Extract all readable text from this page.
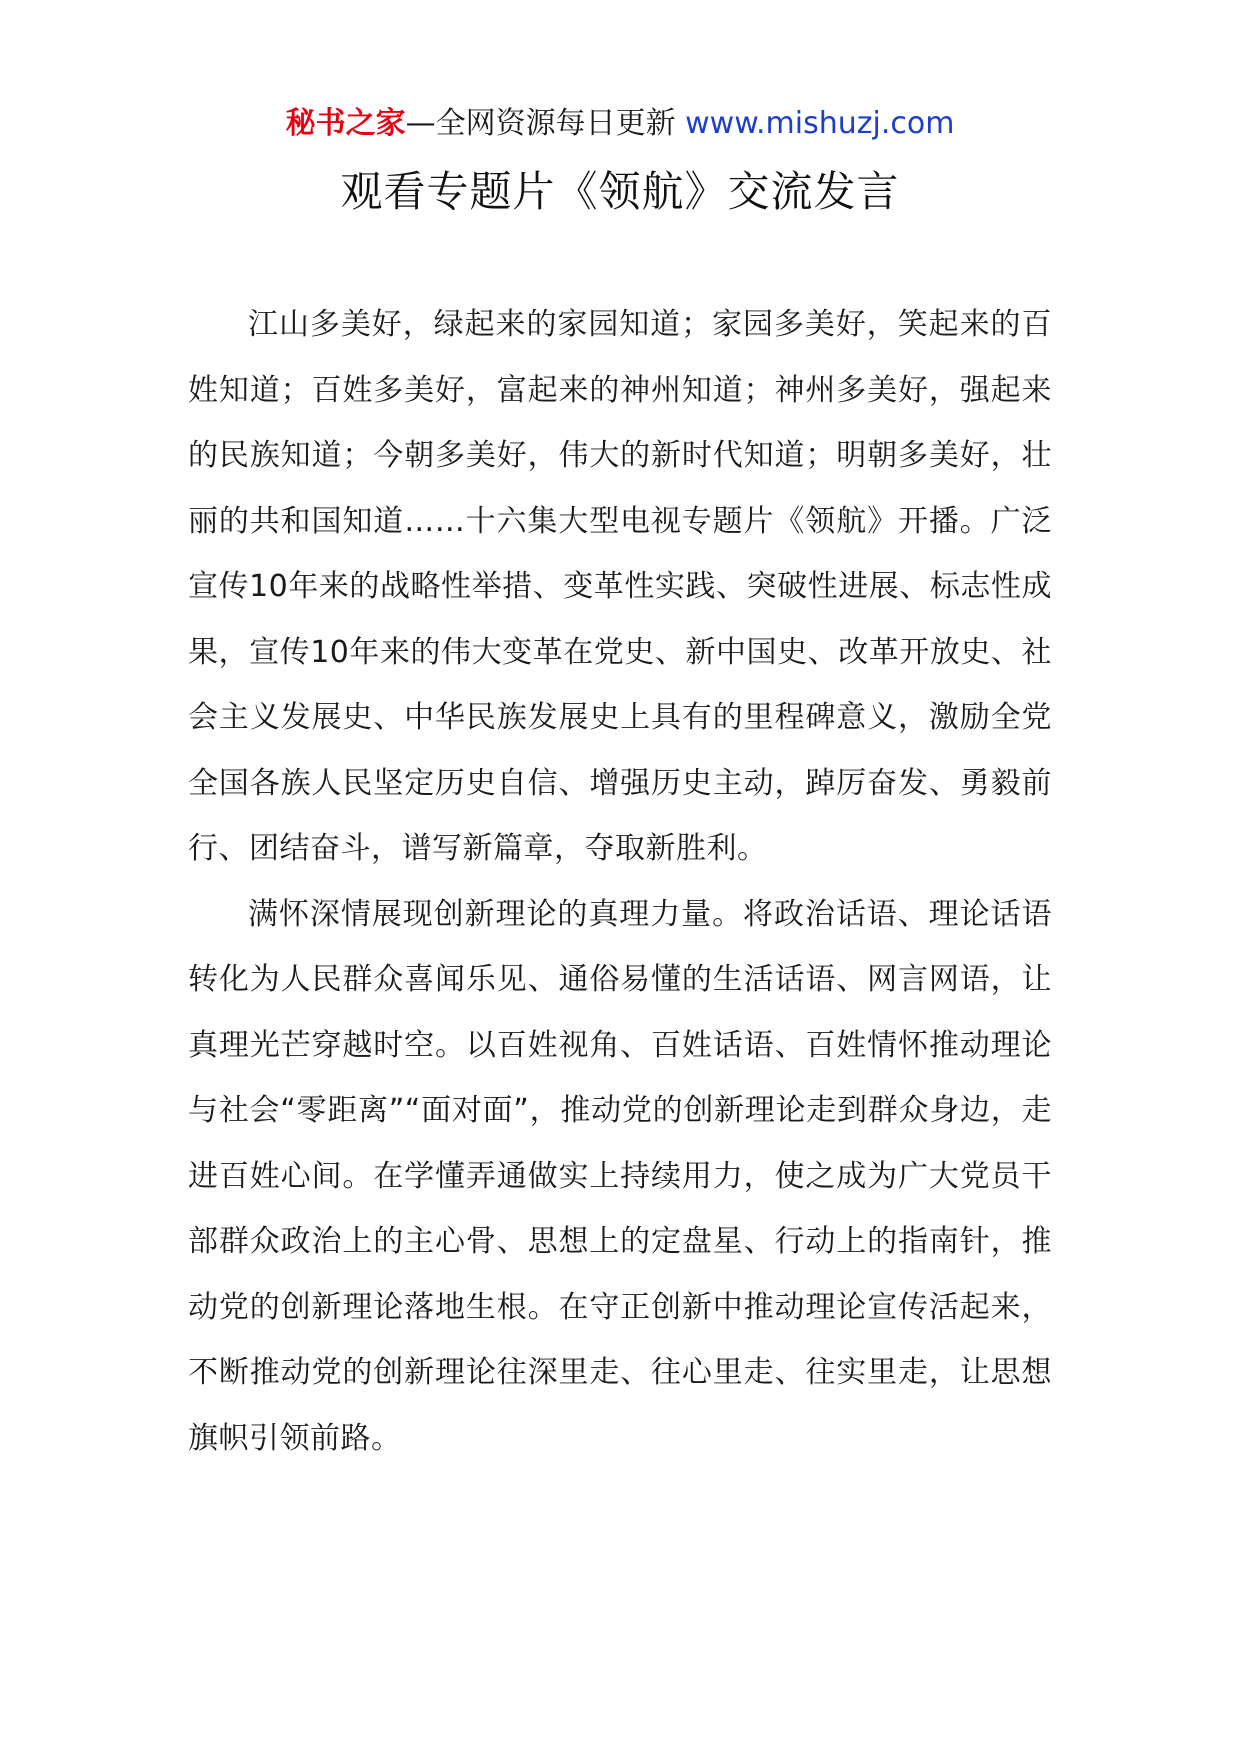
秘书之家—全网资源每日更新 www.mishuzj.com
观看专题片《领航》交流发言

江山多美好，绿起来的家园知道；家园多美好，笑起来的百姓知道；百姓多美好，富起来的神州知道；神州多美好，强起来的民族知道；今朝多美好，伟大的新时代知道；明朝多美好，壮丽的共和国知道……十六集大型电视专题片《领航》开播。广泛宣传10年来的战略性举措、变革性实践、突破性进展、标志性成果，宣传10年来的伟大变革在党史、新中国史、改革开放史、社会主义发展史、中华民族发展史上具有的里程碑意义，激励全党全国各族人民坚定历史自信、增强历史主动，踔厉奋发、勇毅前行、团结奋斗，谱写新篇章，夺取新胜利。

满怀深情展现创新理论的真理力量。将政治话语、理论话语转化为人民群众喜闻乐见、通俗易懂的生活话语、网言网语，让真理光芒穿越时空。以百姓视角、百姓话语、百姓情怀推动理论与社会“零距离”“面对面”，推动党的创新理论走到群众身边，走进百姓心间。在学懂弄通做实上持续用力，使之成为广大党员干部群众政治上的主心骨、思想上的定盘星、行动上的指南针，推动党的创新理论落地生根。在守正创新中推动理论宣传活起来，不断推动党的创新理论往深里走、往心里走、往实里走，让思想旗帜引领前路。
